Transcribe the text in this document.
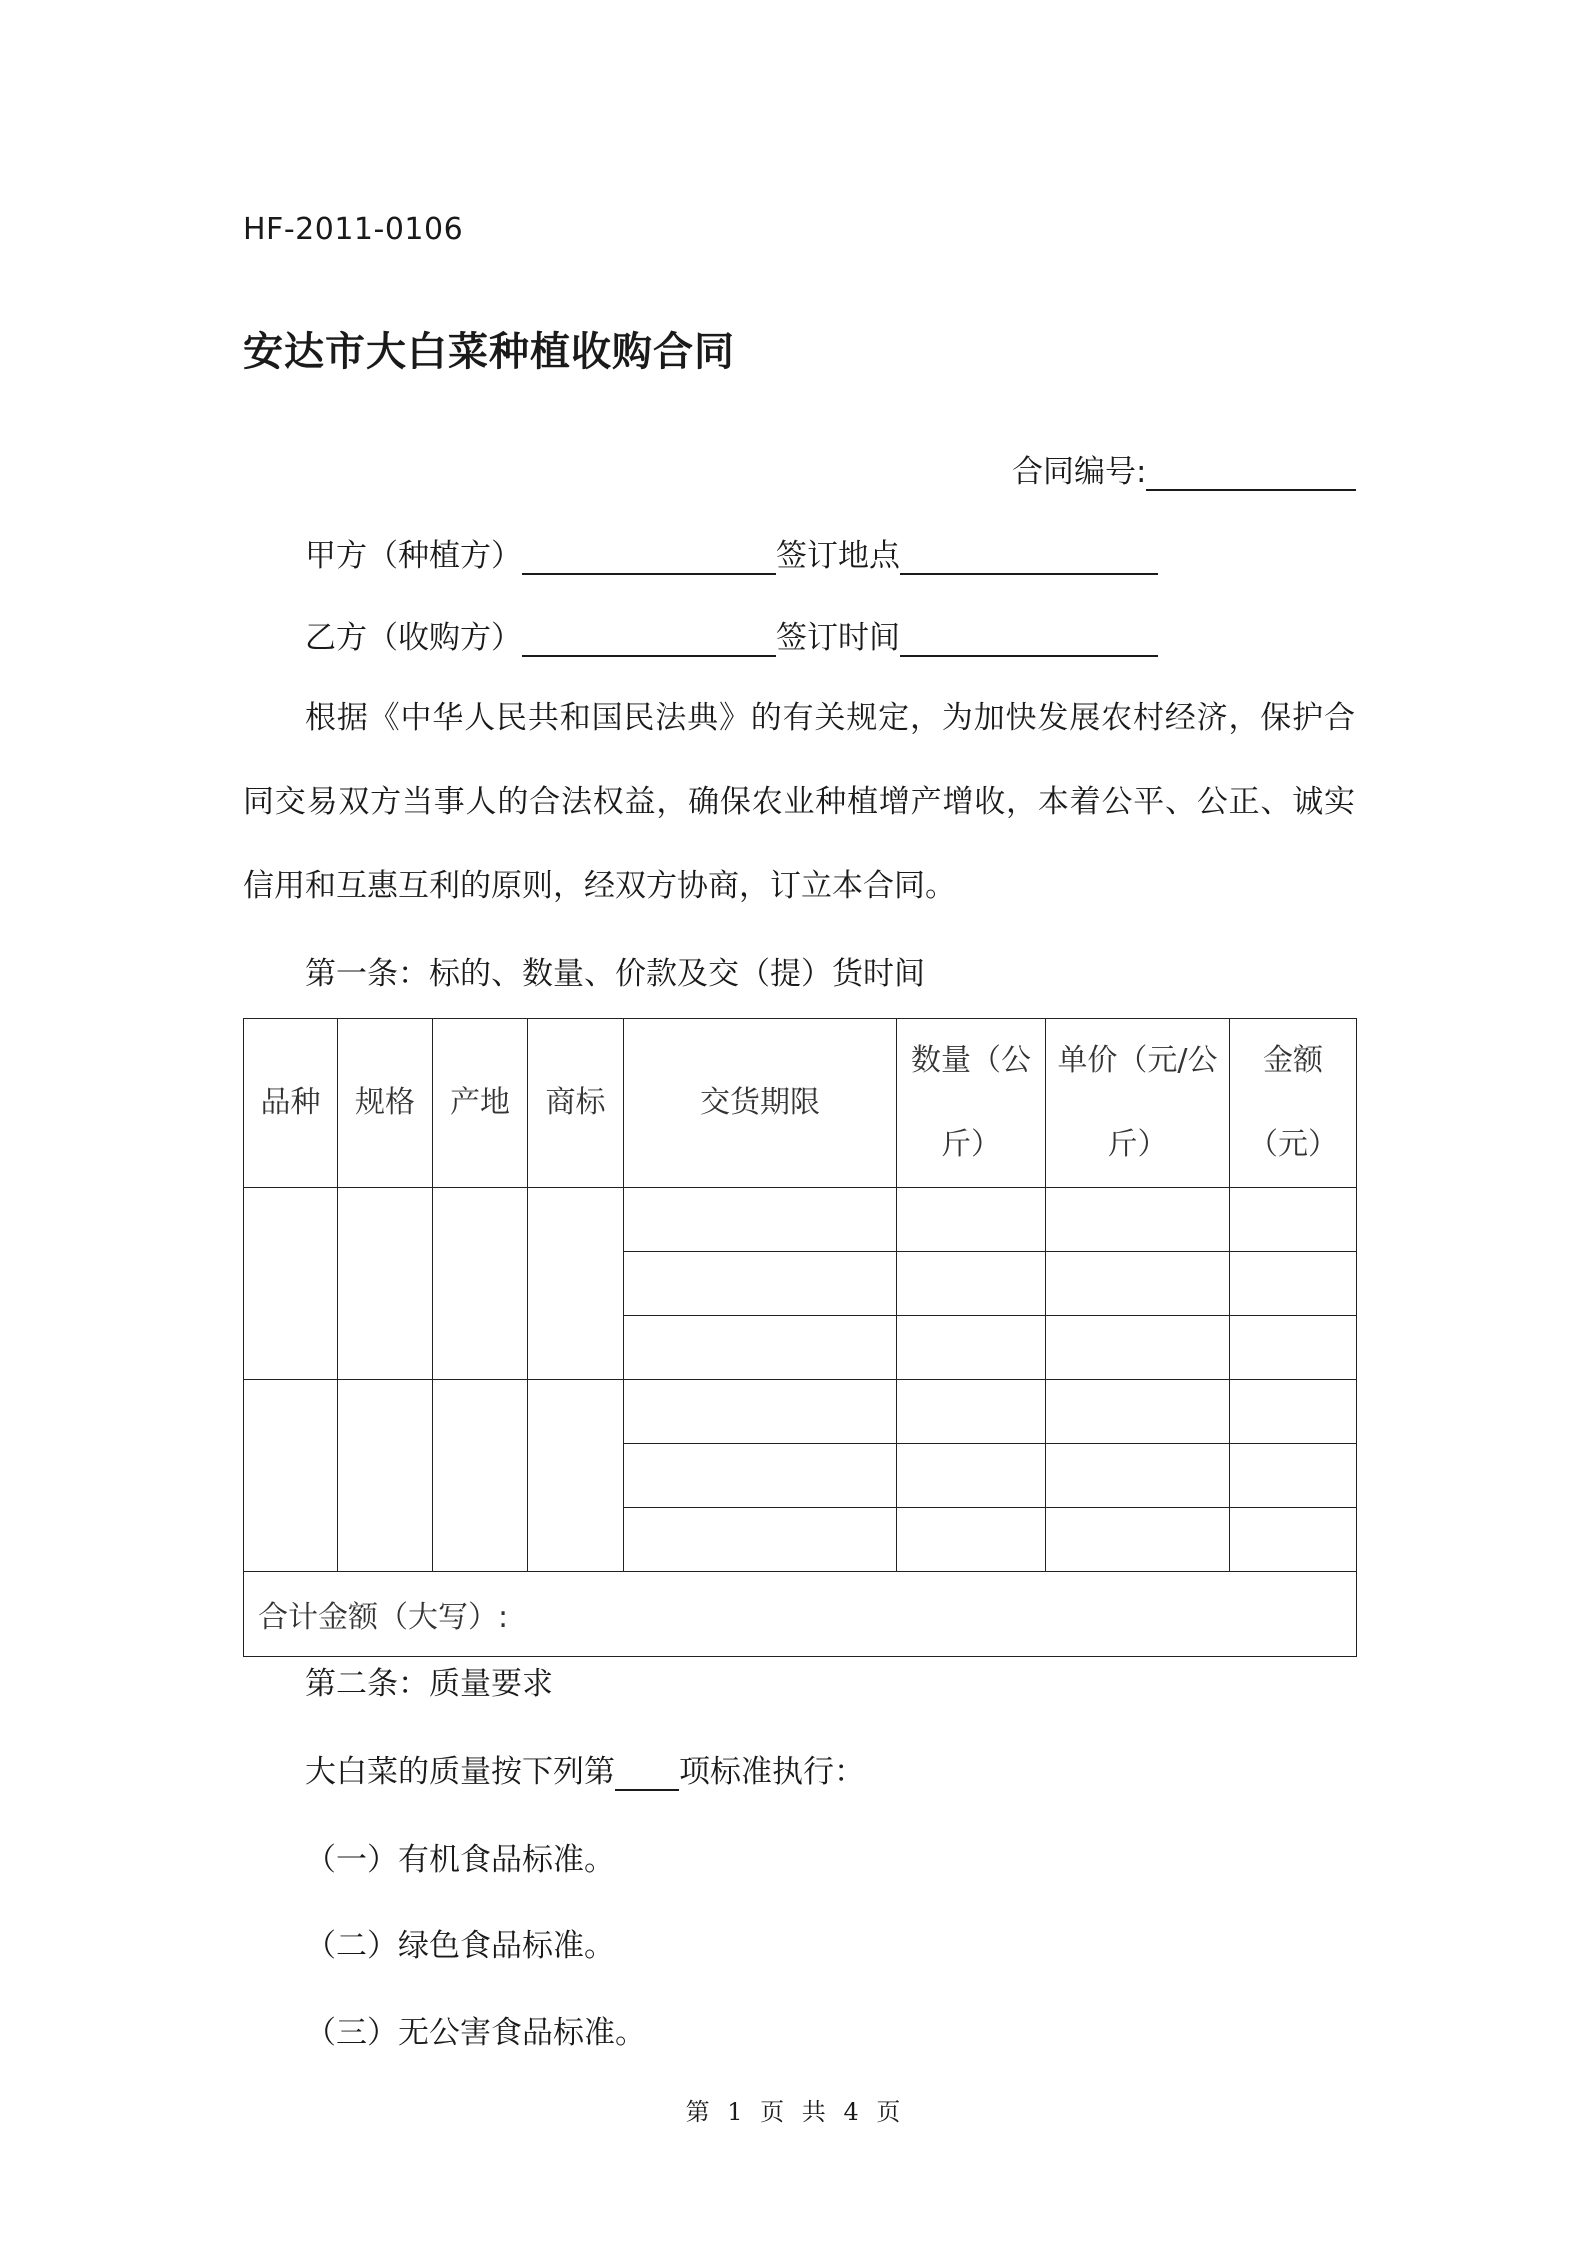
HF-2011-0106
安达市大白菜种植收购合同
合同编号:
甲方（种植方）	签订地点
乙方（收购方）	签订时间
根据《中华人民共和国民法典》的有关规定，为加快发展农村经济，保护合同交易双方当事人的合法权益，确保农业种植增产增收，本着公平、公正、诚实信用和互惠互利的原则，经双方协商，订立本合同。
第一条：标的、数量、价款及交（提）货时间
品种	规格	产地	商标	交货期限	数量（公斤）	单价（元/公斤）	金额（元）

合计金额（大写）:							
第二条：质量要求
大白菜的质量按下列第 项标准执行：
（一）有机食品标准。
（二）绿色食品标准。
（三）无公害食品标准。
第 1 页 共 4 页
